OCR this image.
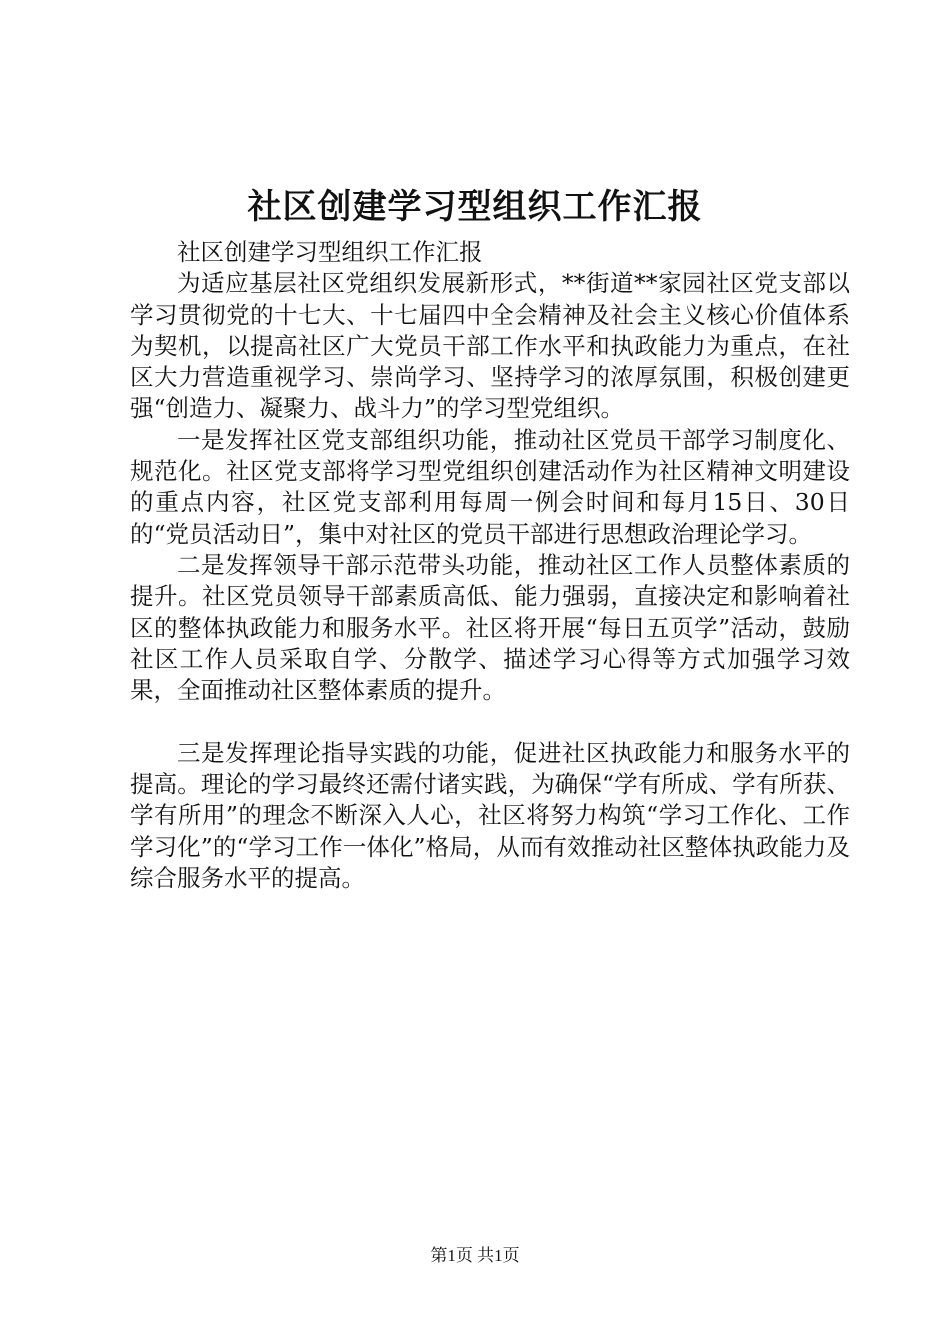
社区创建学习型组织工作汇报

社区创建学习型组织工作汇报

为适应基层社区党组织发展新形式，**街道**家园社区党支部以学习贯彻党的十七大、十七届四中全会精神及社会主义核心价值体系为契机，以提高社区广大党员干部工作水平和执政能力为重点，在社区大力营造重视学习、崇尚学习、坚持学习的浓厚氛围，积极创建更强“创造力、凝聚力、战斗力”的学习型党组织。

一是发挥社区党支部组织功能，推动社区党员干部学习制度化、规范化。社区党支部将学习型党组织创建活动作为社区精神文明建设的重点内容，社区党支部利用每周一例会时间和每月15日、30日的“党员活动日”，集中对社区的党员干部进行思想政治理论学习。

二是发挥领导干部示范带头功能，推动社区工作人员整体素质的提升。社区党员领导干部素质高低、能力强弱，直接决定和影响着社区的整体执政能力和服务水平。社区将开展“每日五页学”活动，鼓励社区工作人员采取自学、分散学、描述学习心得等方式加强学习效果，全面推动社区整体素质的提升。

三是发挥理论指导实践的功能，促进社区执政能力和服务水平的提高。理论的学习最终还需付诸实践，为确保“学有所成、学有所获、学有所用”的理念不断深入人心，社区将努力构筑“学习工作化、工作学习化”的“学习工作一体化”格局，从而有效推动社区整体执政能力及综合服务水平的提高。

第1页 共1页
